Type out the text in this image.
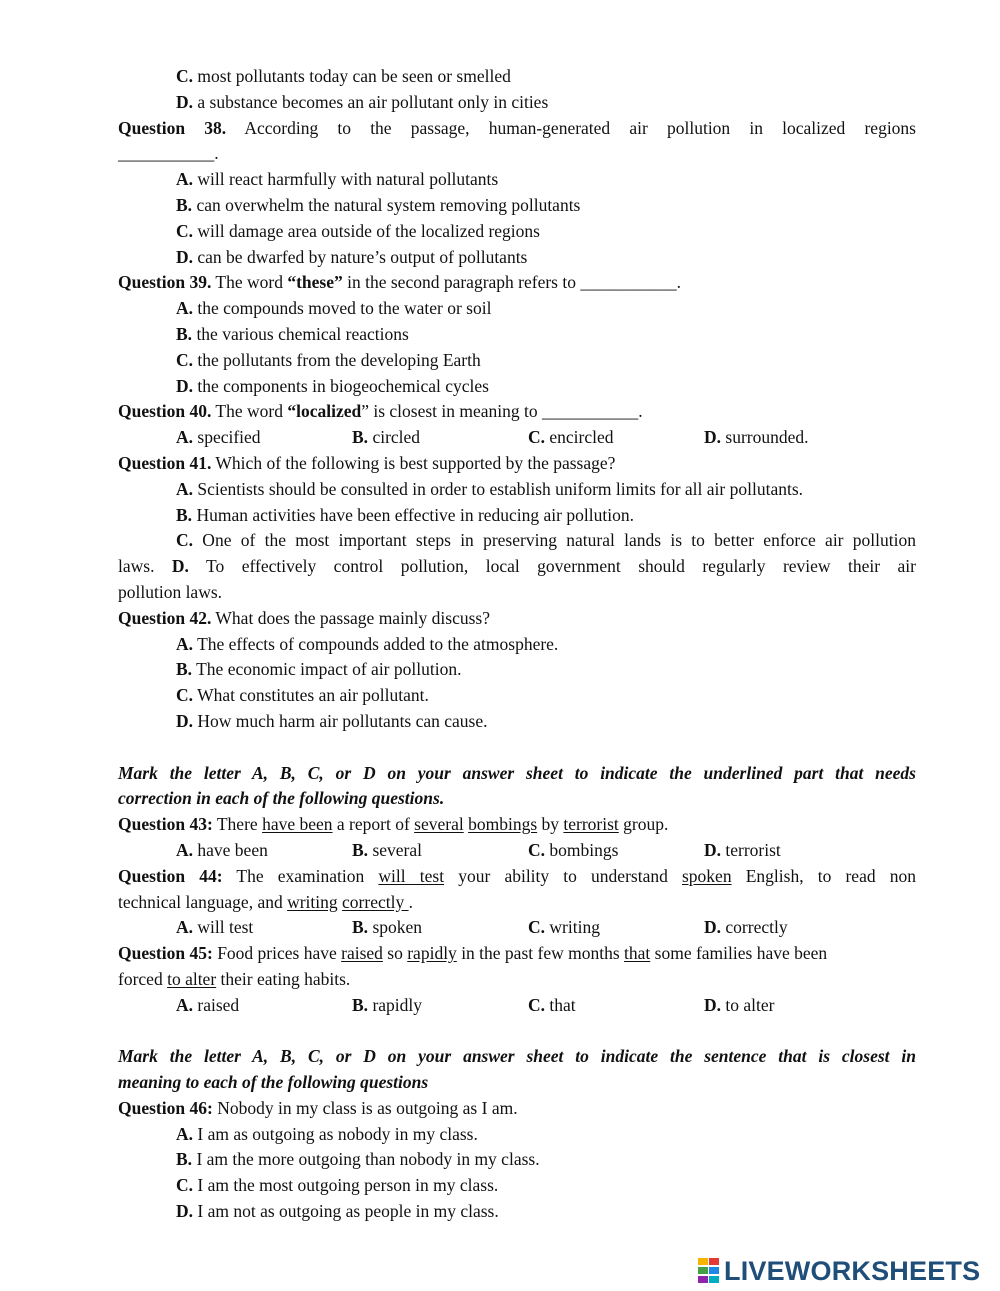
C. most pollutants today can be seen or smelled
D. a substance becomes an air pollutant only in cities
Question 38. According to the passage, human-generated air pollution in localized regions
___________.
A. will react harmfully with natural pollutants
B. can overwhelm the natural system removing pollutants
C. will damage area outside of the localized regions
D. can be dwarfed by nature’s output of pollutants
Question 39. The word “these” in the second paragraph refers to ___________.
A. the compounds moved to the water or soil
B. the various chemical reactions
C. the pollutants from the developing Earth
D. the components in biogeochemical cycles
Question 40. The word “localized” is closest in meaning to ___________.
A. specified	B. circled	C. encircled	D. surrounded.
Question 41. Which of the following is best supported by the passage?
A. Scientists should be consulted in order to establish uniform limits for all air pollutants.
B. Human activities have been effective in reducing air pollution.
C. One of the most important steps in preserving natural lands is to better enforce air pollution
laws. D. To effectively control pollution, local government should regularly review their air
pollution laws.
Question 42. What does the passage mainly discuss?
A. The effects of compounds added to the atmosphere.
B. The economic impact of air pollution.
C. What constitutes an air pollutant.
D. How much harm air pollutants can cause.
Mark the letter A, B, C, or D on your answer sheet to indicate the underlined part that needs
correction in each of the following questions.
Question 43: There have been a report of several bombings by terrorist group.
A. have been	B. several	C. bombings	D. terrorist
Question 44: The examination will test your ability to understand spoken English, to read non
technical language, and writing correctly .
A. will test	B. spoken	C. writing	D. correctly
Question 45: Food prices have raised so rapidly in the past few months that some families have been
forced to alter their eating habits.
A. raised	B. rapidly	C. that	D. to alter
Mark the letter A, B, C, or D on your answer sheet to indicate the sentence that is closest in
meaning to each of the following questions
Question 46: Nobody in my class is as outgoing as I am.
A. I am as outgoing as nobody in my class.
B. I am the more outgoing than nobody in my class.
C. I am the most outgoing person in my class.
D. I am not as outgoing as people in my class.
LIVEWORKSHEETS
